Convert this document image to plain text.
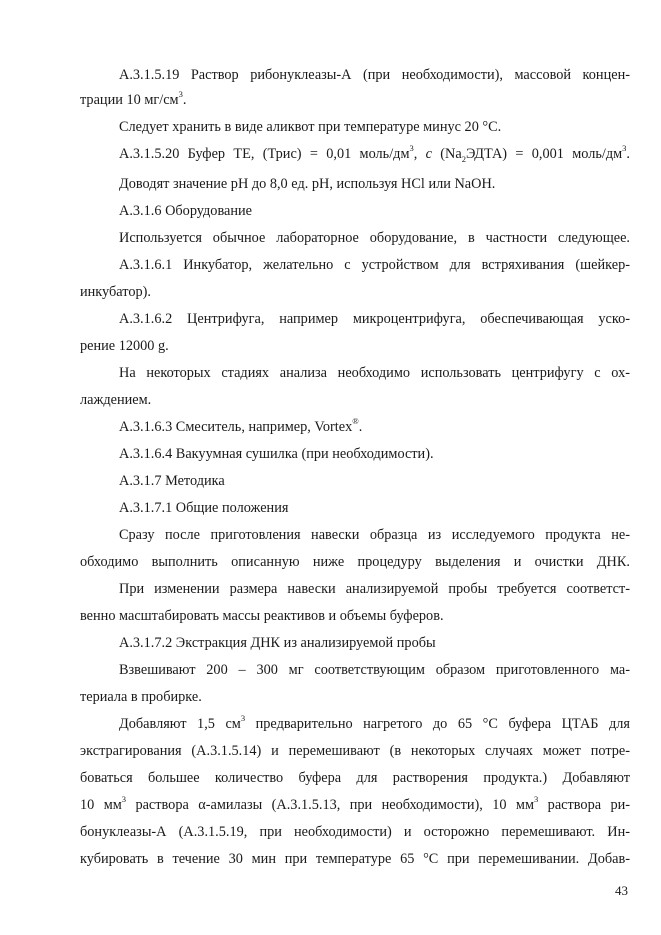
А.3.1.5.19 Раствор рибонуклеазы-А (при необходимости), массовой концен-
трации 10 $мг/см^3$.
Следует хранить в виде аликвот при температуре минус 20 °С.
А.3.1.5.20 Буфер ТЕ, (Трис) = 0,01 моль/$дм^3$, c $(Na_2ЭДТА) = 0,001$ моль/$дм^3$.
Доводят значение рН до 8,0 ед. рН, используя HCl или NaOH.
А.3.1.6 Оборудование
Используется обычное лабораторное оборудование, в частности следующее.
А.3.1.6.1 Инкубатор, желательно с устройством для встряхивания (шейкер-
инкубатор).
А.3.1.6.2 Центрифуга, например микроцентрифуга, обеспечивающая уско-
рение 12000 g.
На некоторых стадиях анализа необходимо использовать центрифугу с ох-
лаждением.
А.3.1.6.3 Смеситель, например, Vortex®.
А.3.1.6.4 Вакуумная сушилка (при необходимости).
А.3.1.7 Методика
А.3.1.7.1 Общие положения
Сразу после приготовления навески образца из исследуемого продукта не-
обходимо выполнить описанную ниже процедуру выделения и очистки ДНК.
При изменении размера навески анализируемой пробы требуется соответст-
венно масштабировать массы реактивов и объемы буферов.
А.3.1.7.2 Экстракция ДНК из анализируемой пробы
Взвешивают 200 – 300 мг соответствующим образом приготовленного ма-
териала в пробирке.
Добавляют 1,5 $см^3$ предварительно нагретого до 65 °С буфера ЦТАБ для
экстрагирования (А.3.1.5.14) и перемешивают (в некоторых случаях может потре-
боваться большее количество буфера для растворения продукта.) Добавляют
10 $мм^3$ раствора α-амилазы (А.3.1.5.13, при необходимости), 10 $мм^3$ раствора ри-
бонуклеазы-А (А.3.1.5.19, при необходимости) и осторожно перемешивают. Ин-
кубировать в течение 30 мин при температуре 65 °С при перемешивании. Добав-
43
